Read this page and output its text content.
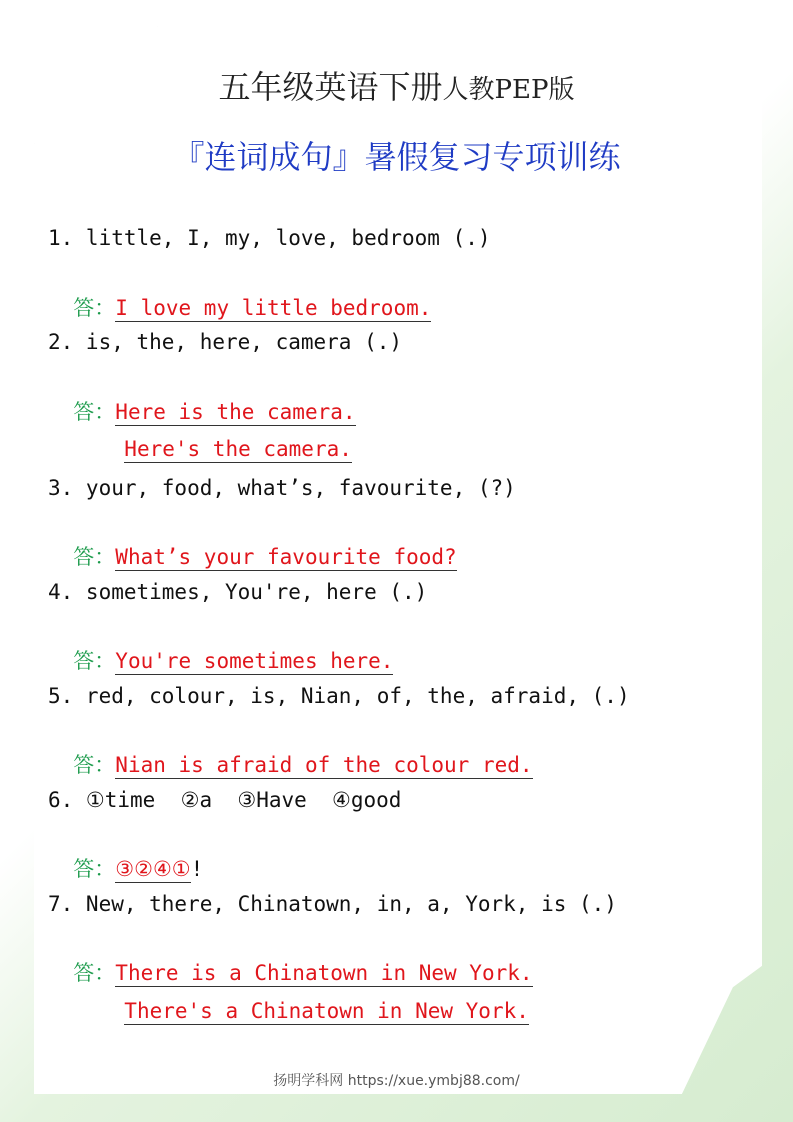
五年级英语下册人教PEP版
『连词成句』暑假复习专项训练
1. little, I, my, love, bedroom (.)

答：I love my little bedroom.

2. is, the, here, camera (.)

答：Here is the camera.

Here's the camera.

3. your, food, what’s, favourite, (?)

答：What’s your favourite food?

4. sometimes, You're, here (.)

答：You're sometimes here.

5. red, colour, is, Nian, of, the, afraid, (.)

答：Nian is afraid of the colour red.

6. ①time  ②a  ③Have  ④good

答：③②④①!

7. New, there, Chinatown, in, a, York, is (.)

答：There is a Chinatown in New York.

There's a Chinatown in New York.

扬明学科网 https://xue.ymbj88.com/
